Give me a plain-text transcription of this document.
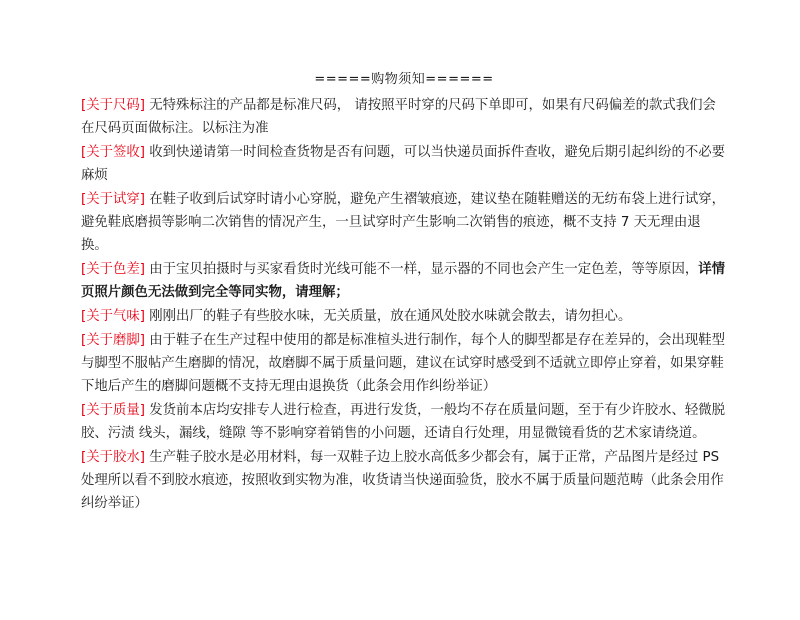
=====购物须知======

[关于尺码] 无特殊标注的产品都是标准尺码， 请按照平时穿的尺码下单即可，如果有尺码偏差的款式我们会在尺码页面做标注。以标注为准

[关于签收] 收到快递请第一时间检查货物是否有问题，可以当快递员面拆件查收，避免后期引起纠纷的不必要麻烦

[关于试穿] 在鞋子收到后试穿时请小心穿脱，避免产生褶皱痕迹，建议垫在随鞋赠送的无纺布袋上进行试穿，避免鞋底磨损等影响二次销售的情况产生，一旦试穿时产生影响二次销售的痕迹，概不支持 7 天无理由退换。

[关于色差] 由于宝贝拍摄时与买家看货时光线可能不一样，显示器的不同也会产生一定色差，等等原因，详情页照片颜色无法做到完全等同实物，请理解；

[关于气味] 刚刚出厂的鞋子有些胶水味，无关质量，放在通风处胶水味就会散去，请勿担心。

[关于磨脚] 由于鞋子在生产过程中使用的都是标准楦头进行制作，每个人的脚型都是存在差异的，会出现鞋型与脚型不服帖产生磨脚的情况，故磨脚不属于质量问题，建议在试穿时感受到不适就立即停止穿着，如果穿鞋下地后产生的磨脚问题概不支持无理由退换货（此条会用作纠纷举证）

[关于质量] 发货前本店均安排专人进行检查，再进行发货，一般均不存在质量问题，至于有少许胶水、轻微脱胶、污渍 线头，漏线，缝隙 等不影响穿着销售的小问题，还请自行处理，用显微镜看货的艺术家请绕道。

[关于胶水] 生产鞋子胶水是必用材料，每一双鞋子边上胶水高低多少都会有，属于正常，产品图片是经过 PS 处理所以看不到胶水痕迹，按照收到实物为准，收货请当快递面验货，胶水不属于质量问题范畴（此条会用作纠纷举证）
